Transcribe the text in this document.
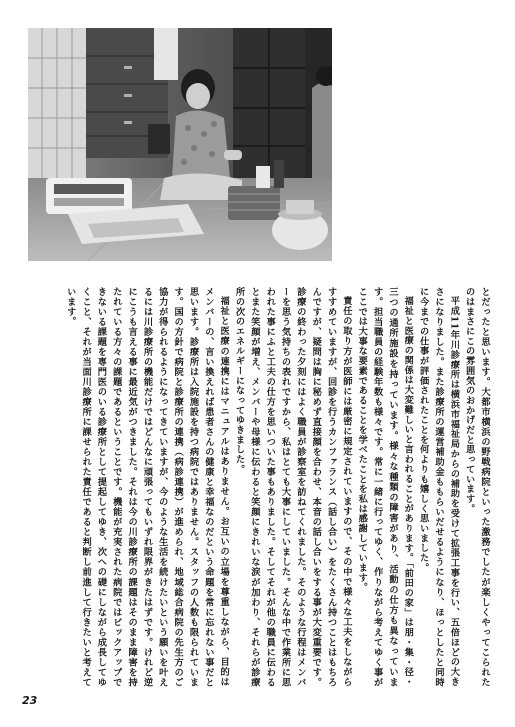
とだったと思います。大都市横浜の野戦病院といった激務でしたが楽しくやってこられたのはまさにこの雰囲気のおかげだと思っています。

平成11年川診療所は横浜市福祉局からの補助を受けて拡張工事を行い、五倍ほどの大きさになりました。また診療所の運営補助金ももらいだせるようになり、ほっとしたと同時に今までの仕事が評価されたことを何よりも嬉しく思いました。

福祉と医療の関係は大変難しいと言われることがあります。「前田の家」は朋・集・径・三つの通所施設を持っています。様々な種類の障害があり、活動の仕方も異なっています。担当職員の経験年数も様々です。常に一緒に行ってゆく、作りながら考えてゆく事がここでは大事な要素であることを学べたことを私は感謝しています。

責任の取り方が医師には厳密に規定されていますので、その中で様々な工夫をしながらすすめていますが、回診を行うカンファランス（話し合い）をたくさん持つことはもちろんですが、疑問は胸に秘めず直接顔を合わせ、本音の話し合いをする事が大変重要です。診療の終わった夕刻にはよく職員が診察室を訪ねてくれました。そのような行程はメンバーを思う気持ちの表れですから、私はとても大事にしていました。そんな中で作業所に思われた事にふと工夫の仕方を思いついた事もありました。そしてそれが他の職員に伝わるとまた笑顔が増え、メンバーや母様に伝わると笑顔にきれいな涙が加わり、それらが診療所の次のエネルギーになってゆきました。

福祉と医療の連携にはマニュアルはありません。お互いの立場を尊重しながら、目的はメンバーの、言い換えれば患者さんの健康と幸福なのだという命題を常に忘れない事だと思います。診療所は入院施設を持つ病院ではありません。スタッフの人数も限られています。国の方針で病院と診療所の連携（病診連携）が進められ、地域総合病院の先生方のご協力が得られるようになってきていますが、今のような生活を続けたいという願いを叶えるには川診療所の機能だけではどんなに頑張ってもいずれ限界がきたはずです。けれど逆にこうも言える事に最近気がつきました。それは今の川診療所の課題はそのまま障害を持たれている方々の課題であるということです。機能が充実された病院ではビックアップできないる課題を専門医のいる診療所として提起してゆき、次への礎にしながら成長してゆくこと、それが当面川診療所に課せられた責任であると判断し前進して行きたいと考えています。

23
